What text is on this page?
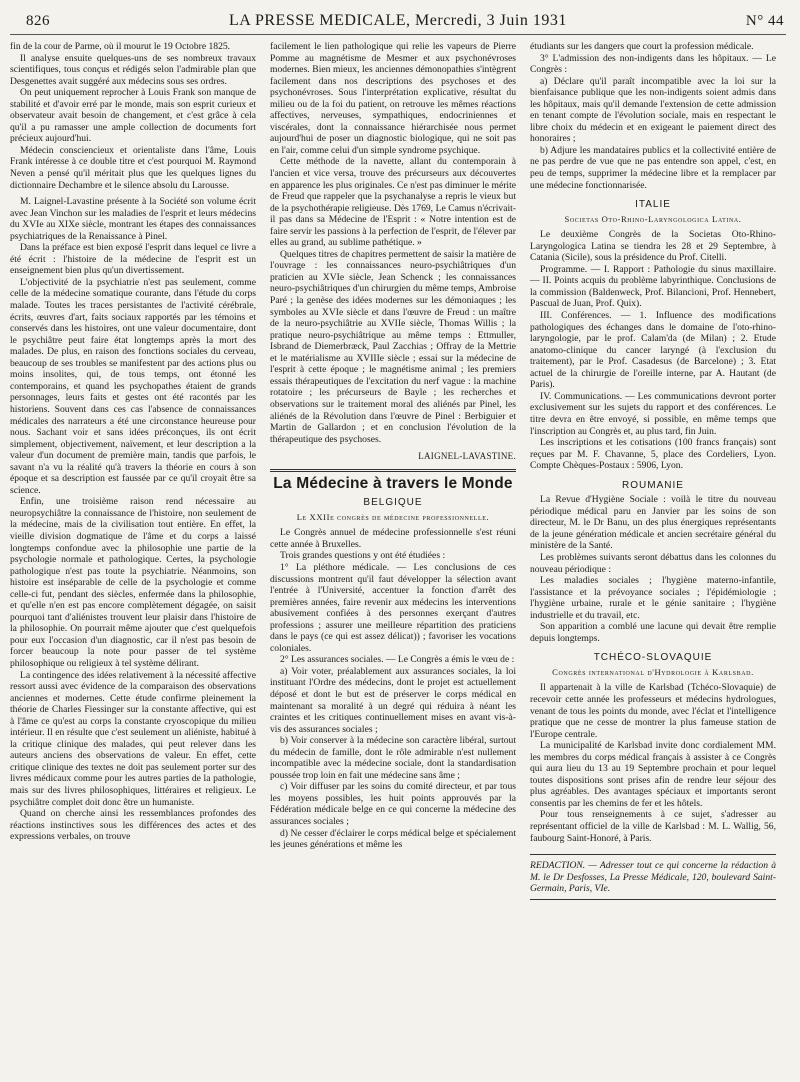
826	LA PRESSE MEDICALE, Mercredi, 3 Juin 1931	N° 44

fin de la cour de Parme, où il mourut le 19 Octobre 1825.

Il analyse ensuite quelques-uns de ses nombreux travaux scientifiques, tous conçus et rédigés selon l'admirable plan que Desgenettes avait suggéré aux médecins sous ses ordres.

On peut uniquement reprocher à Louis Frank son manque de stabilité et d'avoir erré par le monde, mais son esprit curieux et observateur avait besoin de changement, et c'est grâce à cela qu'il a pu ramasser une ample collection de documents fort précieux aujourd'hui.

Médecin consciencieux et orientaliste dans l'âme, Louis Frank intéresse à ce double titre et c'est pourquoi M. Raymond Neven a pensé qu'il méritait plus que les quelques lignes du dictionnaire Dechambre et le silence absolu du Larousse.

M. Laignel-Lavastine présente à la Société son volume écrit avec Jean Vinchon sur les maladies de l'esprit et leurs médecins du XVIe au XIXe siècle, montrant les étapes des connaissances psychiatriques de la Renaissance à Pinel.

Dans la préface est bien exposé l'esprit dans lequel ce livre a été écrit : l'histoire de la médecine de l'esprit est un enseignement bien plus qu'un divertissement.

L'objectivité de la psychiatrie n'est pas seulement, comme celle de la médecine somatique courante, dans l'étude du corps malade. Toutes les traces persistantes de l'activité cérébrale, écrits, œuvres d'art, faits sociaux rapportés par les témoins et conservés dans les histoires, ont une valeur documentaire, dont le psychiâtre peut faire état longtemps après la mort des malades. De plus, en raison des fonctions sociales du cerveau, beaucoup de ses troubles se manifestent par des actions plus ou moins insolites, qui, de tous temps, ont étonné les contemporains, et quand les psychopathes étaient de grands personnages, leurs faits et gestes ont été racontés par les historiens. Souvent dans ces cas l'absence de connaissances médicales des narrateurs a été une circonstance heureuse pour nous. Sachant voir et sans idées préconçues, ils ont écrit simplement, objectivement, naïvement, et leur description a la valeur d'un document de première main, tandis que parfois, le savant n'a vu la réalité qu'à travers la théorie en cours à son époque et sa description est faussée par ce qu'il croyait être sa science.

Enfin, une troisième raison rend nécessaire au neuropsychiâtre la connaissance de l'histoire, non seulement de la médecine, mais de la civilisation tout entière. En effet, la vieille division dogmatique de l'âme et du corps a laissé longtemps confondue avec la philosophie une partie de la psychologie normale et pathologique. Certes, la psychologie pathologique n'est pas toute la psychiatrie. Néanmoins, son histoire est inséparable de celle de la psychologie et comme celle-ci fut, pendant des siècles, enfermée dans la philosophie, et qu'elle n'en est pas encore complètement dégagée, on saisit pourquoi tant d'aliénistes trouvent leur plaisir dans l'histoire de la philosophie. On pourrait même ajouter que c'est quelquefois pour eux l'occasion d'un diagnostic, car il n'est pas besoin de forcer beaucoup la note pour passer de tel système philosophique ou religieux à tel système délirant.

La contingence des idées relativement à la nécessité affective ressort aussi avec évidence de la comparaison des observations anciennes et modernes. Cette étude confirme pleinement la théorie de Charles Fiessinger sur la constante affective, qui est à l'âme ce qu'est au corps la constante cryoscopique du milieu intérieur. Il en résulte que c'est seulement un aliéniste, habitué à la critique clinique des malades, qui peut relever dans les auteurs anciens des observations de valeur. En effet, cette critique clinique des textes ne doit pas seulement porter sur des livres médicaux comme pour les autres parties de la pathologie, mais sur des livres philosophiques, littéraires et religieux. Le psychiâtre complet doit donc être un humaniste.

Quand on cherche ainsi les ressemblances profondes des réactions instinctives sous les différences des actes et des expressions verbales, on trouve

facilement le lien pathologique qui relie les vapeurs de Pierre Pomme au magnétisme de Mesmer et aux psychonévroses modernes. Bien mieux, les anciennes démonopathies s'intègrent facilement dans nos descriptions des psychoses et des psychonévroses. Sous l'interprétation explicative, résultat du milieu ou de la foi du patient, on retrouve les mêmes réactions affectives, nerveuses, sympathiques, endocriniennes et viscérales, dont la connaissance hiérarchisée nous permet aujourd'hui de poser un diagnostic biologique, qui ne soit pas en l'air, comme celui d'un simple syndrome psychique.

Cette méthode de la navette, allant du contemporain à l'ancien et vice versa, trouve des précurseurs aux découvertes en apparence les plus originales. Ce n'est pas diminuer le mérite de Freud que rappeler que la psychanalyse a repris le vieux but de la psychothérapie religieuse. Dès 1769, Le Camus n'écrivait-il pas dans sa Médecine de l'Esprit : « Notre intention est de faire servir les passions à la perfection de l'esprit, de l'élever par elles au grand, au sublime pathétique. »

Quelques titres de chapitres permettent de saisir la matière de l'ouvrage : les connaissances neuro-psychiâtriques d'un praticien au XVIe siècle, Jean Schenck ; les connaissances neuro-psychiâtriques d'un chirurgien du même temps, Ambroise Paré ; la genèse des idées modernes sur les démoniaques ; les symboles au XVIe siècle et dans l'œuvre de Freud : un maître de la neuro-psychiâtrie au XVIIe siècle, Thomas Willis ; la pratique neuro-psychiâtrique au même temps : Ettmuller, Isbrand de Diemerbræck, Paul Zacchias ; Offray de la Mettrie et le matérialisme au XVIIIe siècle ; essai sur la médecine de l'esprit à cette époque ; le magnétisme animal ; les premiers essais thérapeutiques de l'excitation du nerf vague : la machine rotatoire ; les précurseurs de Bayle ; les recherches et observations sur le traitement moral des aliénés par Pinel, les aliénés de la Révolution dans l'œuvre de Pinel : Berbiguier et Martin de Gallardon ; et en conclusion l'évolution de la thérapeutique des psychoses.

LAIGNEL-LAVASTINE.
La Médecine à travers le Monde
BELGIQUE
Le XXIIe congrès de médecine professionnelle.

Le Congrès annuel de médecine professionnelle s'est réuni cette année à Bruxelles.

Trois grandes questions y ont été étudiées :

1° La pléthore médicale. — Les conclusions de ces discussions montrent qu'il faut développer la sélection avant l'entrée à l'Université, accentuer la fonction d'arrêt des premières années, faire revenir aux médecins les interventions abusivement confiées à des personnes exerçant d'autres professions ; assurer une meilleure répartition des praticiens dans le pays (ce qui est assez délicat)) ; favoriser les vocations coloniales.

2° Les assurances sociales. — Le Congrès a émis le vœu de :

a) Voir voter, préalablement aux assurances sociales, la loi instituant l'Ordre des médecins, dont le projet est actuellement déposé et dont le but est de préserver le corps médical en maintenant sa moralité à un degré qui réduira à néant les craintes et les critiques continuellement mises en avant vis-à-vis des assurances sociales ;

b) Voir conserver à la médecine son caractère libéral, surtout du médecin de famille, dont le rôle admirable n'est nullement incompatible avec la médecine sociale, dont la standardisation poussée trop loin en fait une médecine sans âme ;

c) Voir diffuser par les soins du comité directeur, et par tous les moyens possibles, les huit points approuvés par la Fédération médicale belge en ce qui concerne la médecine des assurances sociales ;

d) Ne cesser d'éclairer le corps médical belge et spécialement les jeunes générations et même les

étudiants sur les dangers que court la profession médicale.

3° L'admission des non-indigents dans les hôpitaux. — Le Congrès :

a) Déclare qu'il paraît incompatible avec la loi sur la bienfaisance publique que les non-indigents soient admis dans les hôpitaux, mais qu'il demande l'extension de cette admission en tenant compte de l'évolution sociale, mais en respectant le libre choix du médecin et en exigeant le paiement direct des honoraires ;

b) Adjure les mandataires publics et la collectivité entière de ne pas perdre de vue que ne pas entendre son appel, c'est, en peu de temps, supprimer la médecine libre et la remplacer par une médecine fonctionnarisée.

ITALIE
Societas Oto-Rhino-Laryngologica Latina.

Le deuxième Congrès de la Societas Oto-Rhino-Laryngologica Latina se tiendra les 28 et 29 Septembre, à Catania (Sicile), sous la présidence du Prof. Citelli.

Programme. — I. Rapport : Pathologie du sinus maxillaire. — II. Points acquis du problème labyrinthique. Conclusions de la commission (Baldenweck, Prof. Bilancioni, Prof. Hennebert, Pascual de Juan, Prof. Quix).

III. Conférences. — 1. Influence des modifications pathologiques des échanges dans le domaine de l'oto-rhino-laryngologie, par le prof. Calam'da (de Milan) ; 2. Etude anatomo-clinique du cancer laryngé (à l'exclusion du traitement), par le Prof. Casadesus (de Barcelone) ; 3. Etat actuel de la chirurgie de l'oreille interne, par A. Hautant (de Paris).

IV. Communications. — Les communications devront porter exclusivement sur les sujets du rapport et des conférences. Le titre devra en être envoyé, si possible, en même temps que l'inscription au Congrès et, au plus tard, fin Juin.

Les inscriptions et les cotisations (100 francs français) sont reçues par M. F. Chavanne, 5, place des Cordeliers, Lyon. Compte Chèques-Postaux : 5906, Lyon.

ROUMANIE

La Revue d'Hygiène Sociale : voilà le titre du nouveau périodique médical paru en Janvier par les soins de son directeur, M. le Dr Banu, un des plus énergiques représentants de la jeune génération médicale et ancien secrétaire général du ministère de la Santé.

Les problèmes suivants seront débattus dans les colonnes du nouveau périodique :

Les maladies sociales ; l'hygiène materno-infantile, l'assistance et la prévoyance sociales ; l'épidémiologie ; l'hygiène urbaine, rurale et le génie sanitaire ; l'hygiène industrielle et du travail, etc.

Son apparition a comblé une lacune qui devait être remplie depuis longtemps.

TCHÉCO-SLOVAQUIE
Congrès international d'Hydrologie à Karlsbad.

Il appartenait à la ville de Karlsbad (Tchéco-Slovaquie) de recevoir cette année les professeurs et médecins hydrologues, venant de tous les points du monde, avec l'éclat et l'intelligence pratique que ne cesse de montrer la plus fameuse station de l'Europe centrale.

La municipalité de Karlsbad invite donc cordialement MM. les membres du corps médical français à assister à ce Congrès qui aura lieu du 13 au 19 Septembre prochain et pour lequel toutes dispositions sont prises afin de rendre leur séjour des plus agréables. Des avantages spéciaux et importants seront consentis par les chemins de fer et les hôtels.

Pour tous renseignements à ce sujet, s'adresser au représentant officiel de la ville de Karlsbad : M. L. Wallig, 56, faubourg Saint-Honoré, à Paris.

REDACTION. — Adresser tout ce qui concerne la rédaction à M. le Dr Desfosses, La Presse Médicale, 120, boulevard Saint-Germain, Paris, VIe.
